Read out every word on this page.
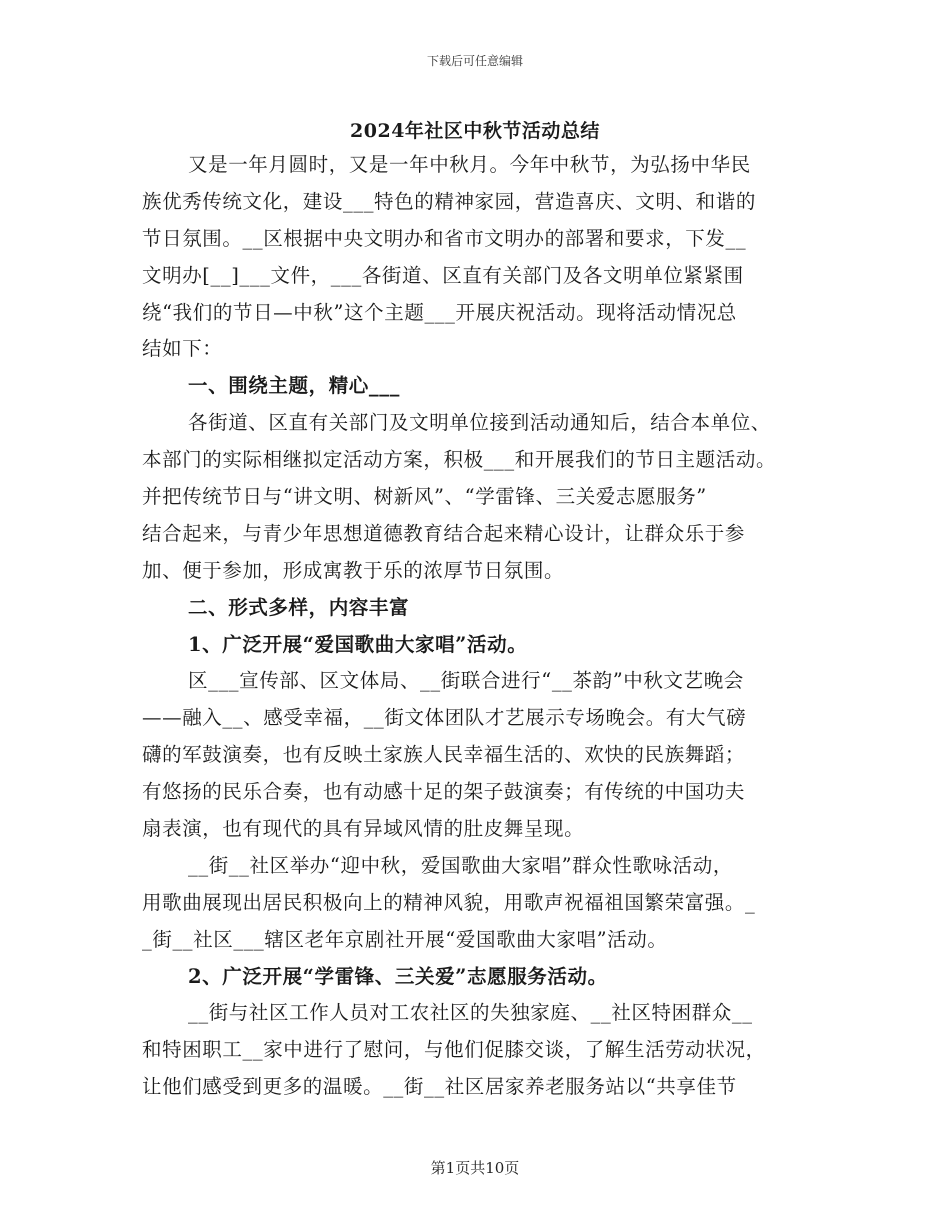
下载后可任意编辑
2024年社区中秋节活动总结
又是一年月圆时，又是一年中秋月。今年中秋节，为弘扬中华民
族优秀传统文化，建设___特色的精神家园，营造喜庆、文明、和谐的
节日氛围。__区根据中央文明办和省市文明办的部署和要求，下发__
文明办[__]___文件，___各街道、区直有关部门及各文明单位紧紧围
绕“我们的节日—中秋”这个主题___开展庆祝活动。现将活动情况总
结如下：
一、围绕主题，精心___
各街道、区直有关部门及文明单位接到活动通知后，结合本单位、
本部门的实际相继拟定活动方案，积极___和开展我们的节日主题活动。
并把传统节日与“讲文明、树新风”、“学雷锋、三关爱志愿服务”
结合起来，与青少年思想道德教育结合起来精心设计，让群众乐于参
加、便于参加，形成寓教于乐的浓厚节日氛围。
二、形式多样，内容丰富
1、广泛开展“爱国歌曲大家唱”活动。
区___宣传部、区文体局、__街联合进行“__茶韵”中秋文艺晚会
——融入__、感受幸福，__街文体团队才艺展示专场晚会。有大气磅
礴的军鼓演奏，也有反映土家族人民幸福生活的、欢快的民族舞蹈；
有悠扬的民乐合奏，也有动感十足的架子鼓演奏；有传统的中国功夫
扇表演，也有现代的具有异域风情的肚皮舞呈现。
__街__社区举办“迎中秋，爱国歌曲大家唱”群众性歌咏活动，
用歌曲展现出居民积极向上的精神风貌，用歌声祝福祖国繁荣富强。_
_街__社区___辖区老年京剧社开展“爱国歌曲大家唱”活动。
2、广泛开展“学雷锋、三关爱”志愿服务活动。
__街与社区工作人员对工农社区的失独家庭、__社区特困群众__
和特困职工__家中进行了慰问，与他们促膝交谈，了解生活劳动状况，
让他们感受到更多的温暖。__街__社区居家养老服务站以“共享佳节
第1页共10页
